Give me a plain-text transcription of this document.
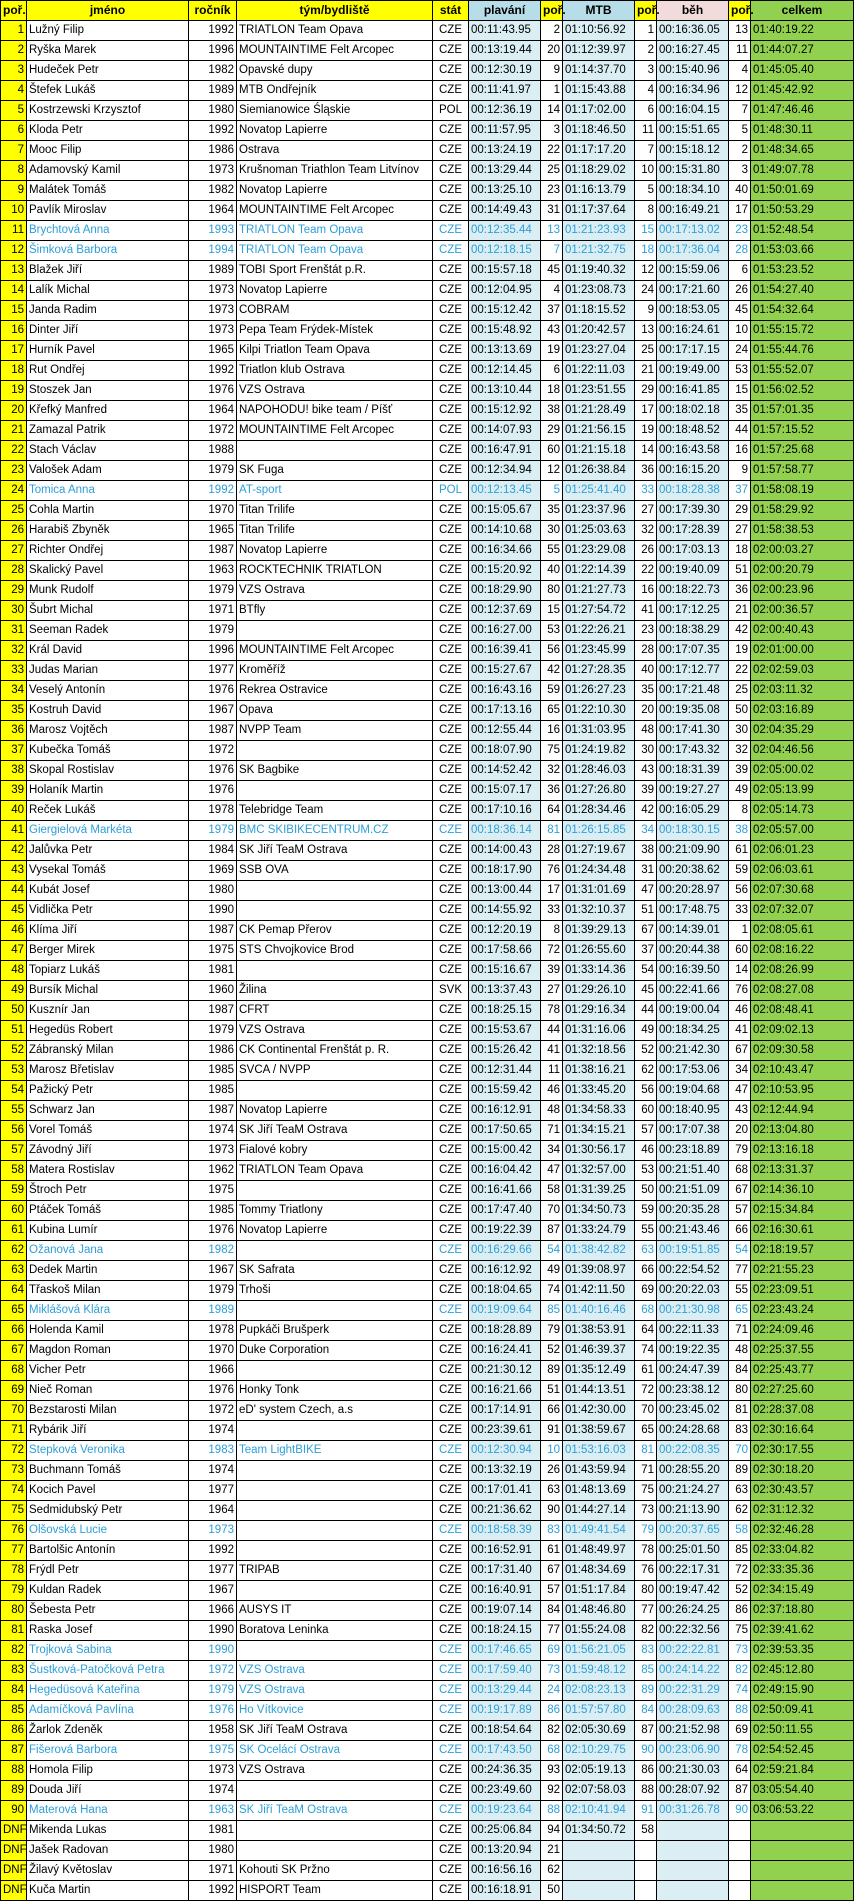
poř.	jméno	ročník	tým/bydliště	stát	plavání	poř.	MTB	poř.	běh	poř.	celkem
1	Lužný Filip	1992	TRIATLON Team Opava	CZE	00:11:43.95	2	01:10:56.92	1	00:16:36.05	13	01:40:19.22
2	Ryška Marek	1996	MOUNTAINTIME Felt Arcopec	CZE	00:13:19.44	20	01:12:39.97	2	00:16:27.45	11	01:44:07.27
3	Hudeček Petr	1982	Opavské dupy	CZE	00:12:30.19	9	01:14:37.70	3	00:15:40.96	4	01:45:05.40
4	Štefek Lukáš	1989	MTB Ondřejník	CZE	00:11:41.97	1	01:15:43.88	4	00:16:34.96	12	01:45:42.92
5	Kostrzewski Krzysztof	1980	Siemianowice Śląskie	POL	00:12:36.19	14	01:17:02.00	6	00:16:04.15	7	01:47:46.46
6	Kloda Petr	1992	Novatop Lapierre	CZE	00:11:57.95	3	01:18:46.50	11	00:15:51.65	5	01:48:30.11
7	Mooc Filip	1986	Ostrava	CZE	00:13:24.19	22	01:17:17.20	7	00:15:18.12	2	01:48:34.65
8	Adamovský Kamil	1973	Krušnoman Triathlon Team Litvínov	CZE	00:13:29.44	25	01:18:29.02	10	00:15:31.80	3	01:49:07.78
9	Malátek Tomáš	1982	Novatop Lapierre	CZE	00:13:25.10	23	01:16:13.79	5	00:18:34.10	40	01:50:01.69
10	Pavlík Miroslav	1964	MOUNTAINTIME Felt Arcopec	CZE	00:14:49.43	31	01:17:37.64	8	00:16:49.21	17	01:50:53.29
11	Brychtová Anna	1993	TRIATLON Team Opava	CZE	00:12:35.44	13	01:21:23.93	15	00:17:13.02	23	01:52:48.54
12	Šimková Barbora	1994	TRIATLON Team Opava	CZE	00:12:18.15	7	01:21:32.75	18	00:17:36.04	28	01:53:03.66
13	Blažek Jiří	1989	TOBI Sport Frenštát p.R.	CZE	00:15:57.18	45	01:19:40.32	12	00:15:59.06	6	01:53:23.52
14	Lalík Michal	1973	Novatop Lapierre	CZE	00:12:04.95	4	01:23:08.73	24	00:17:21.60	26	01:54:27.40
15	Janda Radim	1973	COBRAM	CZE	00:15:12.42	37	01:18:15.52	9	00:18:53.05	45	01:54:32.64
16	Dinter Jiří	1973	Pepa Team Frýdek-Místek	CZE	00:15:48.92	43	01:20:42.57	13	00:16:24.61	10	01:55:15.72
17	Hurník Pavel	1965	Kilpi Triatlon Team Opava	CZE	00:13:13.69	19	01:23:27.04	25	00:17:17.15	24	01:55:44.76
18	Rut Ondřej	1992	Triatlon klub Ostrava	CZE	00:12:14.45	6	01:22:11.03	21	00:19:49.00	53	01:55:52.07
19	Stoszek Jan	1976	VZS Ostrava	CZE	00:13:10.44	18	01:23:51.55	29	00:16:41.85	15	01:56:02.52
20	Křefký Manfred	1964	NAPOHODU! bike team / Píšť	CZE	00:15:12.92	38	01:21:28.49	17	00:18:02.18	35	01:57:01.35
21	Zamazal Patrik	1972	MOUNTAINTIME Felt Arcopec	CZE	00:14:07.93	29	01:21:56.15	19	00:18:48.52	44	01:57:15.52
22	Stach Václav	1988		CZE	00:16:47.91	60	01:21:15.18	14	00:16:43.58	16	01:57:25.68
23	Valošek Adam	1979	SK Fuga	CZE	00:12:34.94	12	01:26:38.84	36	00:16:15.20	9	01:57:58.77
24	Tomica Anna	1992	AT-sport	POL	00:12:13.45	5	01:25:41.40	33	00:18:28.38	37	01:58:08.19
25	Cohla Martin	1970	Titan Trilife	CZE	00:15:05.67	35	01:23:37.96	27	00:17:39.30	29	01:58:29.92
26	Harabiš Zbyněk	1965	Titan Trilife	CZE	00:14:10.68	30	01:25:03.63	32	00:17:28.39	27	01:58:38.53
27	Richter Ondřej	1987	Novatop Lapierre	CZE	00:16:34.66	55	01:23:29.08	26	00:17:03.13	18	02:00:03.27
28	Skalický Pavel	1963	ROCKTECHNIK TRIATLON	CZE	00:15:20.92	40	01:22:14.39	22	00:19:40.09	51	02:00:20.79
29	Munk Rudolf	1979	VZS Ostrava	CZE	00:18:29.90	80	01:21:27.73	16	00:18:22.73	36	02:00:23.96
30	Šubrt Michal	1971	BTfly	CZE	00:12:37.69	15	01:27:54.72	41	00:17:12.25	21	02:00:36.57
31	Seeman Radek	1979		CZE	00:16:27.00	53	01:22:26.21	23	00:18:38.29	42	02:00:40.43
32	Král David	1996	MOUNTAINTIME Felt Arcopec	CZE	00:16:39.41	56	01:23:45.99	28	00:17:07.35	19	02:01:00.00
33	Judas Marian	1977	Kroměříž	CZE	00:15:27.67	42	01:27:28.35	40	00:17:12.77	22	02:02:59.03
34	Veselý Antonín	1976	Rekrea Ostravice	CZE	00:16:43.16	59	01:26:27.23	35	00:17:21.48	25	02:03:11.32
35	Kostruh David	1967	Opava	CZE	00:17:13.16	65	01:22:10.30	20	00:19:35.08	50	02:03:16.89
36	Marosz Vojtěch	1987	NVPP Team	CZE	00:12:55.44	16	01:31:03.95	48	00:17:41.30	30	02:04:35.29
37	Kubečka Tomáš	1972		CZE	00:18:07.90	75	01:24:19.82	30	00:17:43.32	32	02:04:46.56
38	Skopal Rostislav	1976	SK Bagbike	CZE	00:14:52.42	32	01:28:46.03	43	00:18:31.39	39	02:05:00.02
39	Holaník Martin	1976		CZE	00:15:07.17	36	01:27:26.80	39	00:19:27.27	49	02:05:13.99
40	Reček Lukáš	1978	Telebridge Team	CZE	00:17:10.16	64	01:28:34.46	42	00:16:05.29	8	02:05:14.73
41	Giergielová Markéta	1979	BMC SKIBIKECENTRUM.CZ	CZE	00:18:36.14	81	01:26:15.85	34	00:18:30.15	38	02:05:57.00
42	Jalůvka Petr	1984	SK Jiří TeaM Ostrava	CZE	00:14:00.43	28	01:27:19.67	38	00:21:09.90	61	02:06:01.23
43	Vysekal Tomáš	1969	SSB OVA	CZE	00:18:17.90	76	01:24:34.48	31	00:20:38.62	59	02:06:03.61
44	Kubát Josef	1980		CZE	00:13:00.44	17	01:31:01.69	47	00:20:28.97	56	02:07:30.68
45	Vidlička Petr	1990		CZE	00:14:55.92	33	01:32:10.37	51	00:17:48.75	33	02:07:32.07
46	Klíma Jiří	1987	CK Pemap Přerov	CZE	00:12:20.19	8	01:39:29.13	67	00:14:39.01	1	02:08:05.61
47	Berger Mirek	1975	STS Chvojkovice Brod	CZE	00:17:58.66	72	01:26:55.60	37	00:20:44.38	60	02:08:16.22
48	Topiarz Lukáš	1981		CZE	00:15:16.67	39	01:33:14.36	54	00:16:39.50	14	02:08:26.99
49	Bursík Michal	1960	Žilina	SVK	00:13:37.43	27	01:29:26.10	45	00:22:41.66	76	02:08:27.08
50	Kusznír Jan	1987	CFRT	CZE	00:18:25.15	78	01:29:16.34	44	00:19:00.04	46	02:08:48.41
51	Hegedüs Robert	1979	VZS Ostrava	CZE	00:15:53.67	44	01:31:16.06	49	00:18:34.25	41	02:09:02.13
52	Zábranský Milan	1986	CK Continental Frenštát p. R.	CZE	00:15:26.42	41	01:32:18.56	52	00:21:42.30	67	02:09:30.58
53	Marosz Břetislav	1985	SVCA / NVPP	CZE	00:12:31.44	11	01:38:16.21	62	00:17:53.06	34	02:10:43.47
54	Pažický Petr	1985		CZE	00:15:59.42	46	01:33:45.20	56	00:19:04.68	47	02:10:53.95
55	Schwarz Jan	1987	Novatop Lapierre	CZE	00:16:12.91	48	01:34:58.33	60	00:18:40.95	43	02:12:44.94
56	Vorel Tomáš	1974	SK Jiří TeaM Ostrava	CZE	00:17:50.65	71	01:34:15.21	57	00:17:07.38	20	02:13:04.80
57	Závodný Jiří	1973	Fialové kobry	CZE	00:15:00.42	34	01:30:56.17	46	00:23:18.89	79	02:13:16.18
58	Matera Rostislav	1962	TRIATLON Team Opava	CZE	00:16:04.42	47	01:32:57.00	53	00:21:51.40	68	02:13:31.37
59	Štroch Petr	1975		CZE	00:16:41.66	58	01:31:39.25	50	00:21:51.09	67	02:14:36.10
60	Ptáček Tomáš	1985	Tommy Triatlony	CZE	00:17:47.40	70	01:34:50.73	59	00:20:35.28	57	02:15:34.84
61	Kubina Lumír	1976	Novatop Lapierre	CZE	00:19:22.39	87	01:33:24.79	55	00:21:43.46	66	02:16:30.61
62	Ožanová Jana	1982		CZE	00:16:29.66	54	01:38:42.82	63	00:19:51.85	54	02:18:19.57
63	Dedek Martin	1967	SK Safrata	CZE	00:16:12.92	49	01:39:08.97	66	00:22:54.52	77	02:21:55.23
64	Třaskoš Milan	1979	Trhoši	CZE	00:18:04.65	74	01:42:11.50	69	00:20:22.03	55	02:23:09.51
65	Miklášová Klára	1989		CZE	00:19:09.64	85	01:40:16.46	68	00:21:30.98	65	02:23:43.24
66	Holenda Kamil	1978	Pupkáči Brušperk	CZE	00:18:28.89	79	01:38:53.91	64	00:22:11.33	71	02:24:09.46
67	Magdon Roman	1970	Duke Corporation	CZE	00:16:24.41	52	01:46:39.37	74	00:19:22.35	48	02:25:37.55
68	Vicher Petr	1966		CZE	00:21:30.12	89	01:35:12.49	61	00:24:47.39	84	02:25:43.77
69	Nieč Roman	1976	Honky Tonk	CZE	00:16:21.66	51	01:44:13.51	72	00:23:38.12	80	02:27:25.60
70	Bezstarosti Milan	1972	eD' system Czech, a.s	CZE	00:17:14.91	66	01:42:30.00	70	00:23:45.02	81	02:28:37.08
71	Rybárik Jiří	1974		CZE	00:23:39.61	91	01:38:59.67	65	00:24:28.68	83	02:30:16.64
72	Stepková Veronika	1983	Team LightBIKE	CZE	00:12:30.94	10	01:53:16.03	81	00:22:08.35	70	02:30:17.55
73	Buchmann Tomáš	1974		CZE	00:13:32.19	26	01:43:59.94	71	00:28:55.20	89	02:30:18.20
74	Kocich Pavel	1977		CZE	00:17:01.41	63	01:48:13.69	75	00:21:24.27	63	02:30:43.57
75	Sedmidubský Petr	1964		CZE	00:21:36.62	90	01:44:27.14	73	00:21:13.90	62	02:31:12.32
76	Olšovská Lucie	1973		CZE	00:18:58.39	83	01:49:41.54	79	00:20:37.65	58	02:32:46.28
77	Bartolšic Antonín	1992		CZE	00:16:52.91	61	01:48:49.97	78	00:25:01.50	85	02:33:04.82
78	Frýdl Petr	1977	TRIPAB	CZE	00:17:31.40	67	01:48:34.69	76	00:22:17.31	72	02:33:35.36
79	Kuldan Radek	1967		CZE	00:16:40.91	57	01:51:17.84	80	00:19:47.42	52	02:34:15.49
80	Šebesta Petr	1966	AUSYS IT	CZE	00:19:07.14	84	01:48:46.80	77	00:26:24.25	86	02:37:18.80
81	Raska Josef	1990	Boratova Leninka	CZE	00:18:24.15	77	01:55:24.08	82	00:22:32.56	75	02:39:41.62
82	Trojková Sabina	1990		CZE	00:17:46.65	69	01:56:21.05	83	00:22:22.81	73	02:39:53.35
83	Šustková-Patočková Petra	1972	VZS Ostrava	CZE	00:17:59.40	73	01:59:48.12	85	00:24:14.22	82	02:45:12.80
84	Hegedüsová Kateřina	1979	VZS Ostrava	CZE	00:13:29.44	24	02:08:23.13	89	00:22:31.29	74	02:49:15.90
85	Adamíčková Pavlína	1976	Ho Vítkovice	CZE	00:19:17.89	86	01:57:57.80	84	00:28:09.63	88	02:50:09.41
86	Žarlok Zdeněk	1958	SK Jiří TeaM Ostrava	CZE	00:18:54.64	82	02:05:30.69	87	00:21:52.98	69	02:50:11.55
87	Fišerová Barbora	1975	SK Ocelácí Ostrava	CZE	00:17:43.50	68	02:10:29.75	90	00:23:06.90	78	02:54:52.45
88	Homola Filip	1973	VZS Ostrava	CZE	00:24:36.35	93	02:05:19.13	86	00:21:30.03	64	02:59:21.84
89	Douda Jiří	1974		CZE	00:23:49.60	92	02:07:58.03	88	00:28:07.92	87	03:05:54.40
90	Materová Hana	1963	SK Jiří TeaM Ostrava	CZE	00:19:23.64	88	02:10:41.94	91	00:31:26.78	90	03:06:53.22
DNF	Mikenda Lukas	1981		CZE	00:25:06.84	94	01:34:50.72	58			
DNF	Jašek Radovan	1980		CZE	00:13:20.94	21					
DNF	Žilavý Květoslav	1971	Kohouti SK Pržno	CZE	00:16:56.16	62					
DNF	Kuča Martin	1992	HISPORT Team	CZE	00:16:18.91	50					
